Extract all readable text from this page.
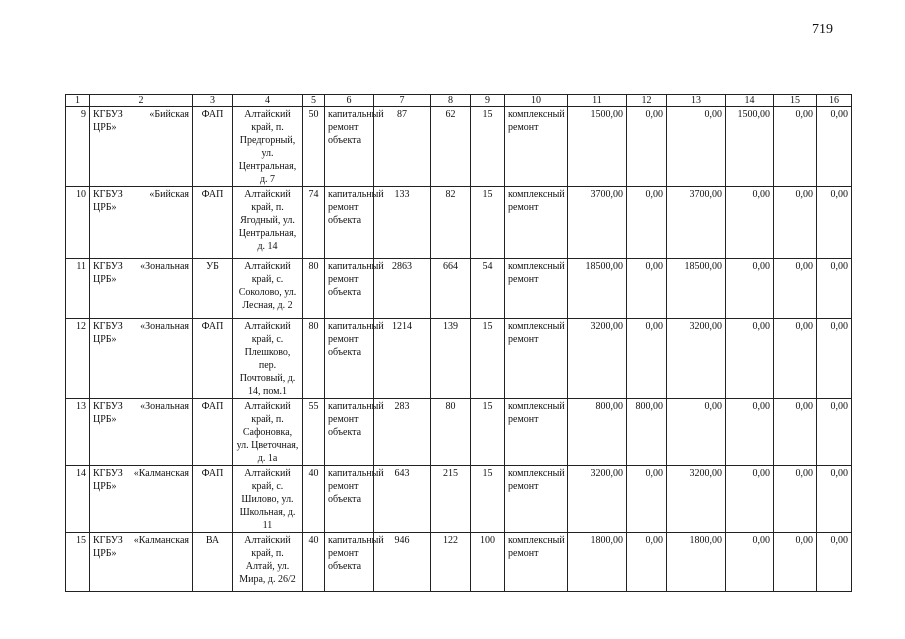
719
1	2	3	4	5	6	7	8	9	10	11	12	13	14	15	16
9	КГБУЗ «Бийская ЦРБ»	ФАП	Алтайский край, п. Предгорный, ул. Центральная, д. 7	50	капитальный ремонт объекта	87	62	15	комплексный ремонт	1500,00	0,00	0,00	1500,00	0,00	0,00
10	КГБУЗ «Бийская ЦРБ»	ФАП	Алтайский край, п. Ягодный, ул. Центральная, д. 14	74	капитальный ремонт объекта	133	82	15	комплексный ремонт	3700,00	0,00	3700,00	0,00	0,00	0,00
11	КГБУЗ «Зональная ЦРБ»	УБ	Алтайский край, с. Соколово, ул. Лесная, д. 2	80	капитальный ремонт объекта	2863	664	54	комплексный ремонт	18500,00	0,00	18500,00	0,00	0,00	0,00
12	КГБУЗ «Зональная ЦРБ»	ФАП	Алтайский край, с. Плешково, пер. Почтовый, д. 14, пом.1	80	капитальный ремонт объекта	1214	139	15	комплексный ремонт	3200,00	0,00	3200,00	0,00	0,00	0,00
13	КГБУЗ «Зональная ЦРБ»	ФАП	Алтайский край, п. Сафоновка, ул. Цветочная, д. 1а	55	капитальный ремонт объекта	283	80	15	комплексный ремонт	800,00	800,00	0,00	0,00	0,00	0,00
14	КГБУЗ «Калманская ЦРБ»	ФАП	Алтайский край, с. Шилово, ул. Школьная, д. 11	40	капитальный ремонт объекта	643	215	15	комплексный ремонт	3200,00	0,00	3200,00	0,00	0,00	0,00
15	КГБУЗ «Калманская ЦРБ»	ВА	Алтайский край, п. Алтай, ул. Мира, д. 26/2	40	капитальный ремонт объекта	946	122	100	комплексный ремонт	1800,00	0,00	1800,00	0,00	0,00	0,00
